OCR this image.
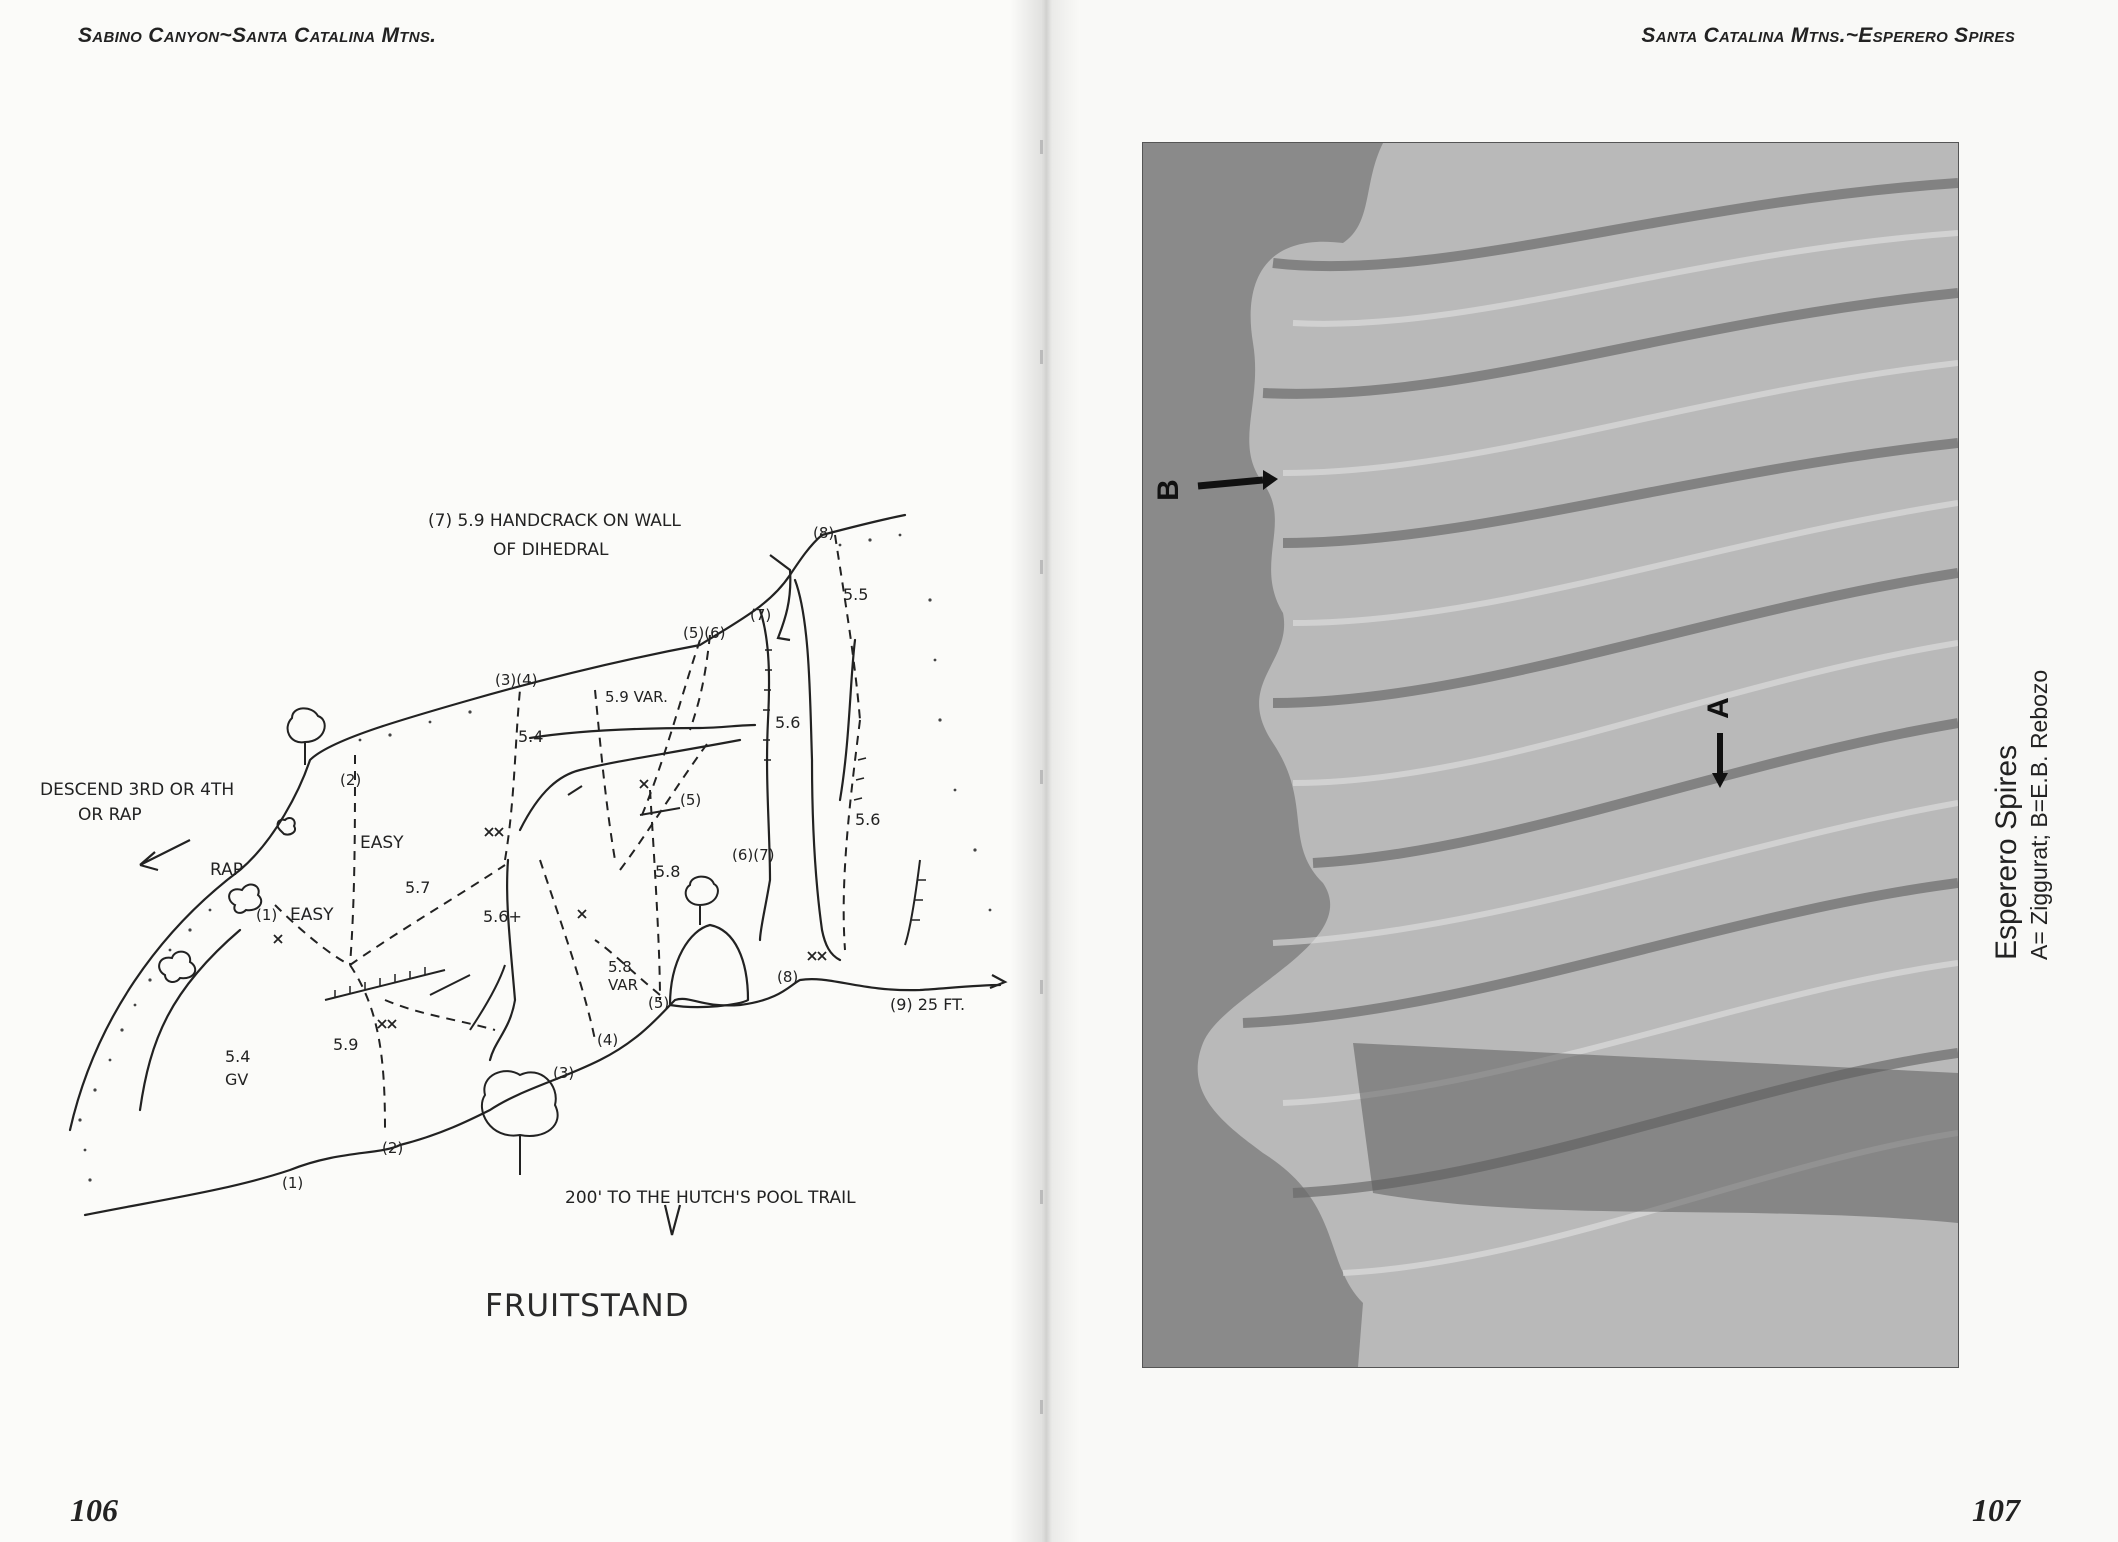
Sabino Canyon~Santa Catalina Mtns.	Santa Catalina Mtns.~Esperero Spires
(7) 5.9 HANDCRACK ON WALL
OF DIHEDRAL
DESCEND 3RD OR 4TH
OR RAP
RAP
EASY
EASY
200' TO THE HUTCH'S POOL TRAIL
5.9 VAR.
5.8
VAR
(9) 25 FT.
5.4
GV
5.5
5.6
5.6
5.4
5.7
5.6+
5.8
5.9
(8)
(7)
(5)(6)
(3)(4)
(2)
(5)
(6)(7)
(1)
(8)
(5)
(4)
(3)
(2)
(1)
FRUITSTAND
B
A
Esperero Spires A= Ziggurat; B=E.B. Rebozo
106	107
